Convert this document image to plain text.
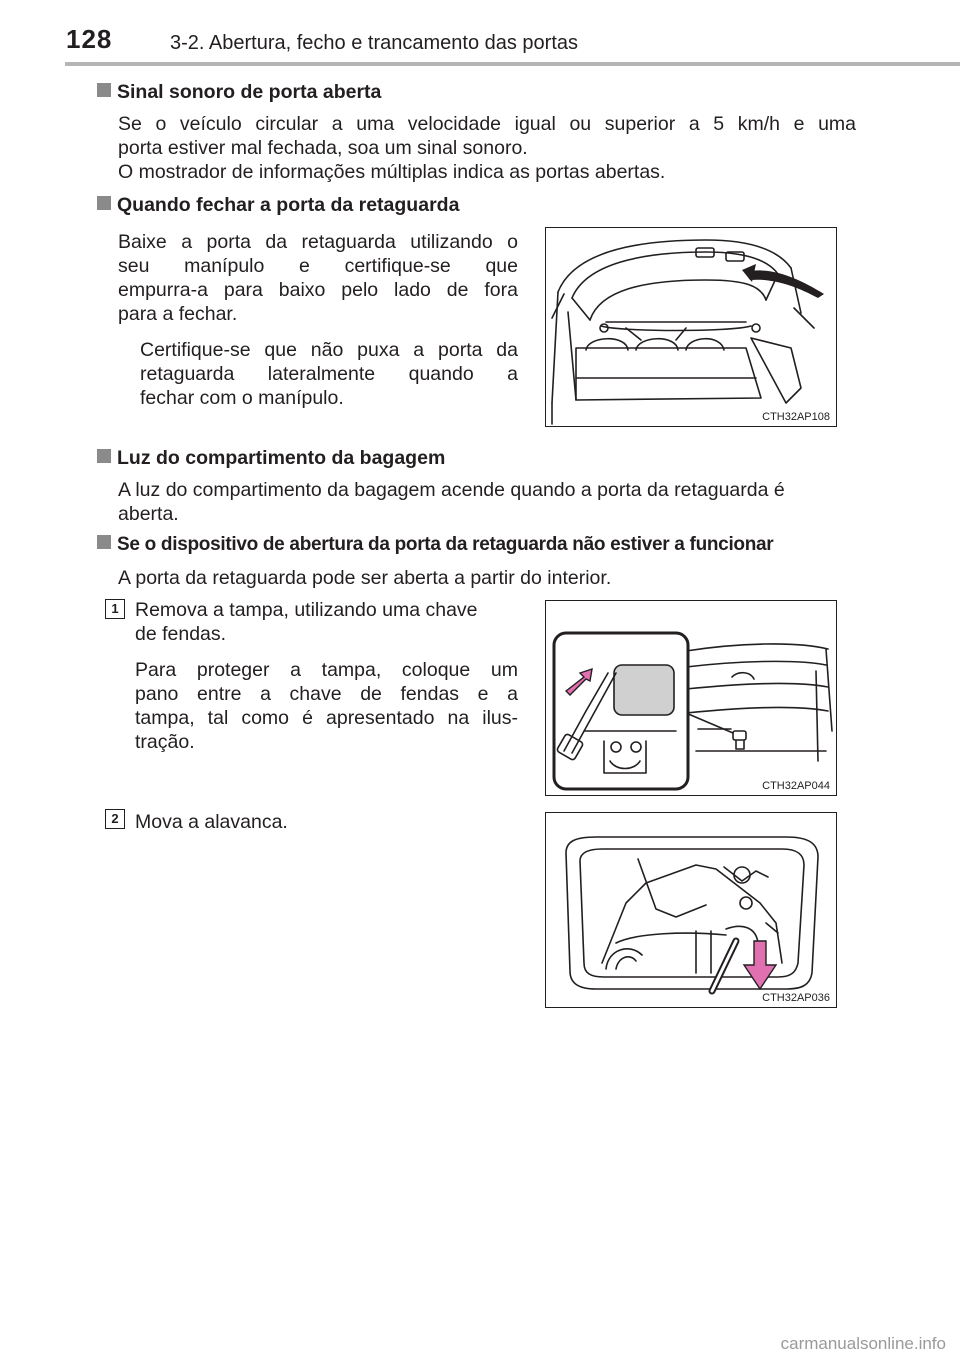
128	3-2. Abertura, fecho e trancamento das portas
Sinal sonoro de porta aberta
Se o veículo circular a uma velocidade igual ou superior a 5 km/h e uma
porta estiver mal fechada, soa um sinal sonoro.
O mostrador de informações múltiplas indica as portas abertas.
Quando fechar a porta da retaguarda
Baixe a porta da retaguarda utilizando o
seu manípulo e certifique-se que
empurra-a para baixo pelo lado de fora
para a fechar.
Certifique-se que não puxa a porta da
retaguarda lateralmente quando a
fechar com o manípulo.
CTH32AP108
Luz do compartimento da bagagem
A luz do compartimento da bagagem acende quando a porta da retaguarda é
aberta.
Se o dispositivo de abertura da porta da retaguarda não estiver a funcionar
A porta da retaguarda pode ser aberta a partir do interior.
1 Remova a tampa, utilizando uma chave
de fendas.
Para proteger a tampa, coloque um
pano entre a chave de fendas e a
tampa, tal como é apresentado na ilus-
tração.
CTH32AP044
2 Mova a alavanca.
CTH32AP036
carmanualsonline.info
